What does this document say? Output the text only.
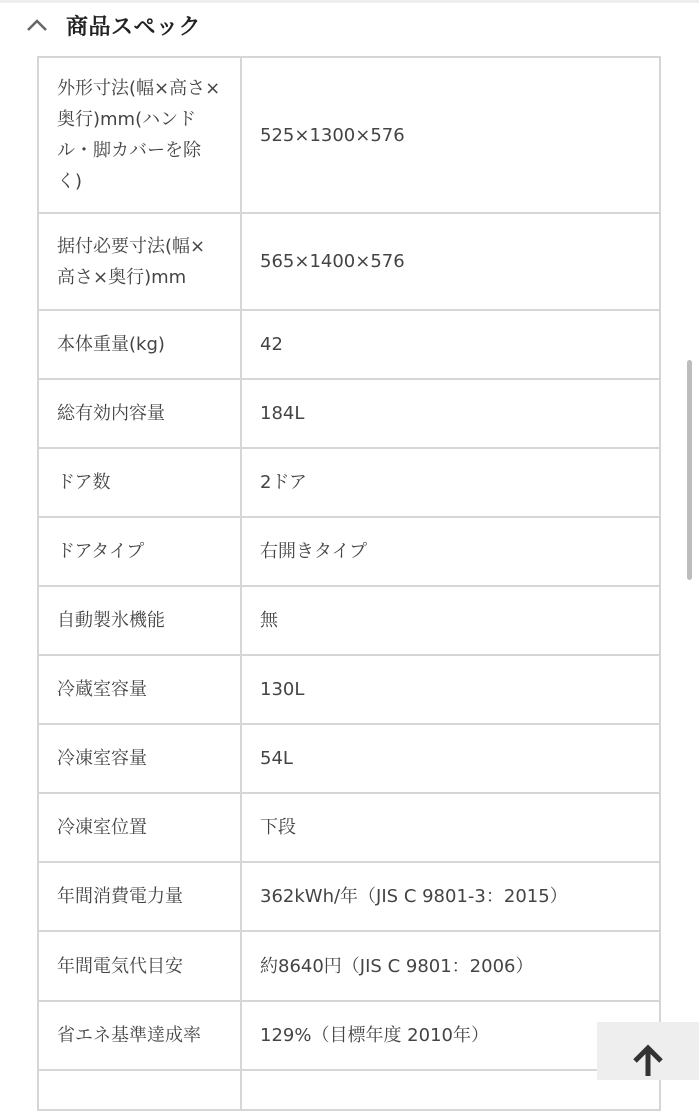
商品スペック
外形寸法(幅×高さ×奥行)mm(ハンドル・脚カバーを除く)	525×1300×576
据付必要寸法(幅×高さ×奥行)mm	565×1400×576
本体重量(kg)	42
総有効内容量	184L
ドア数	2ドア
ドアタイプ	右開きタイプ
自動製氷機能	無
冷蔵室容量	130L
冷凍室容量	54L
冷凍室位置	下段
年間消費電力量	362kWh/年（JIS C 9801-3：2015）
年間電気代目安	約8640円（JIS C 9801：2006）
省エネ基準達成率	129%（目標年度 2010年）
